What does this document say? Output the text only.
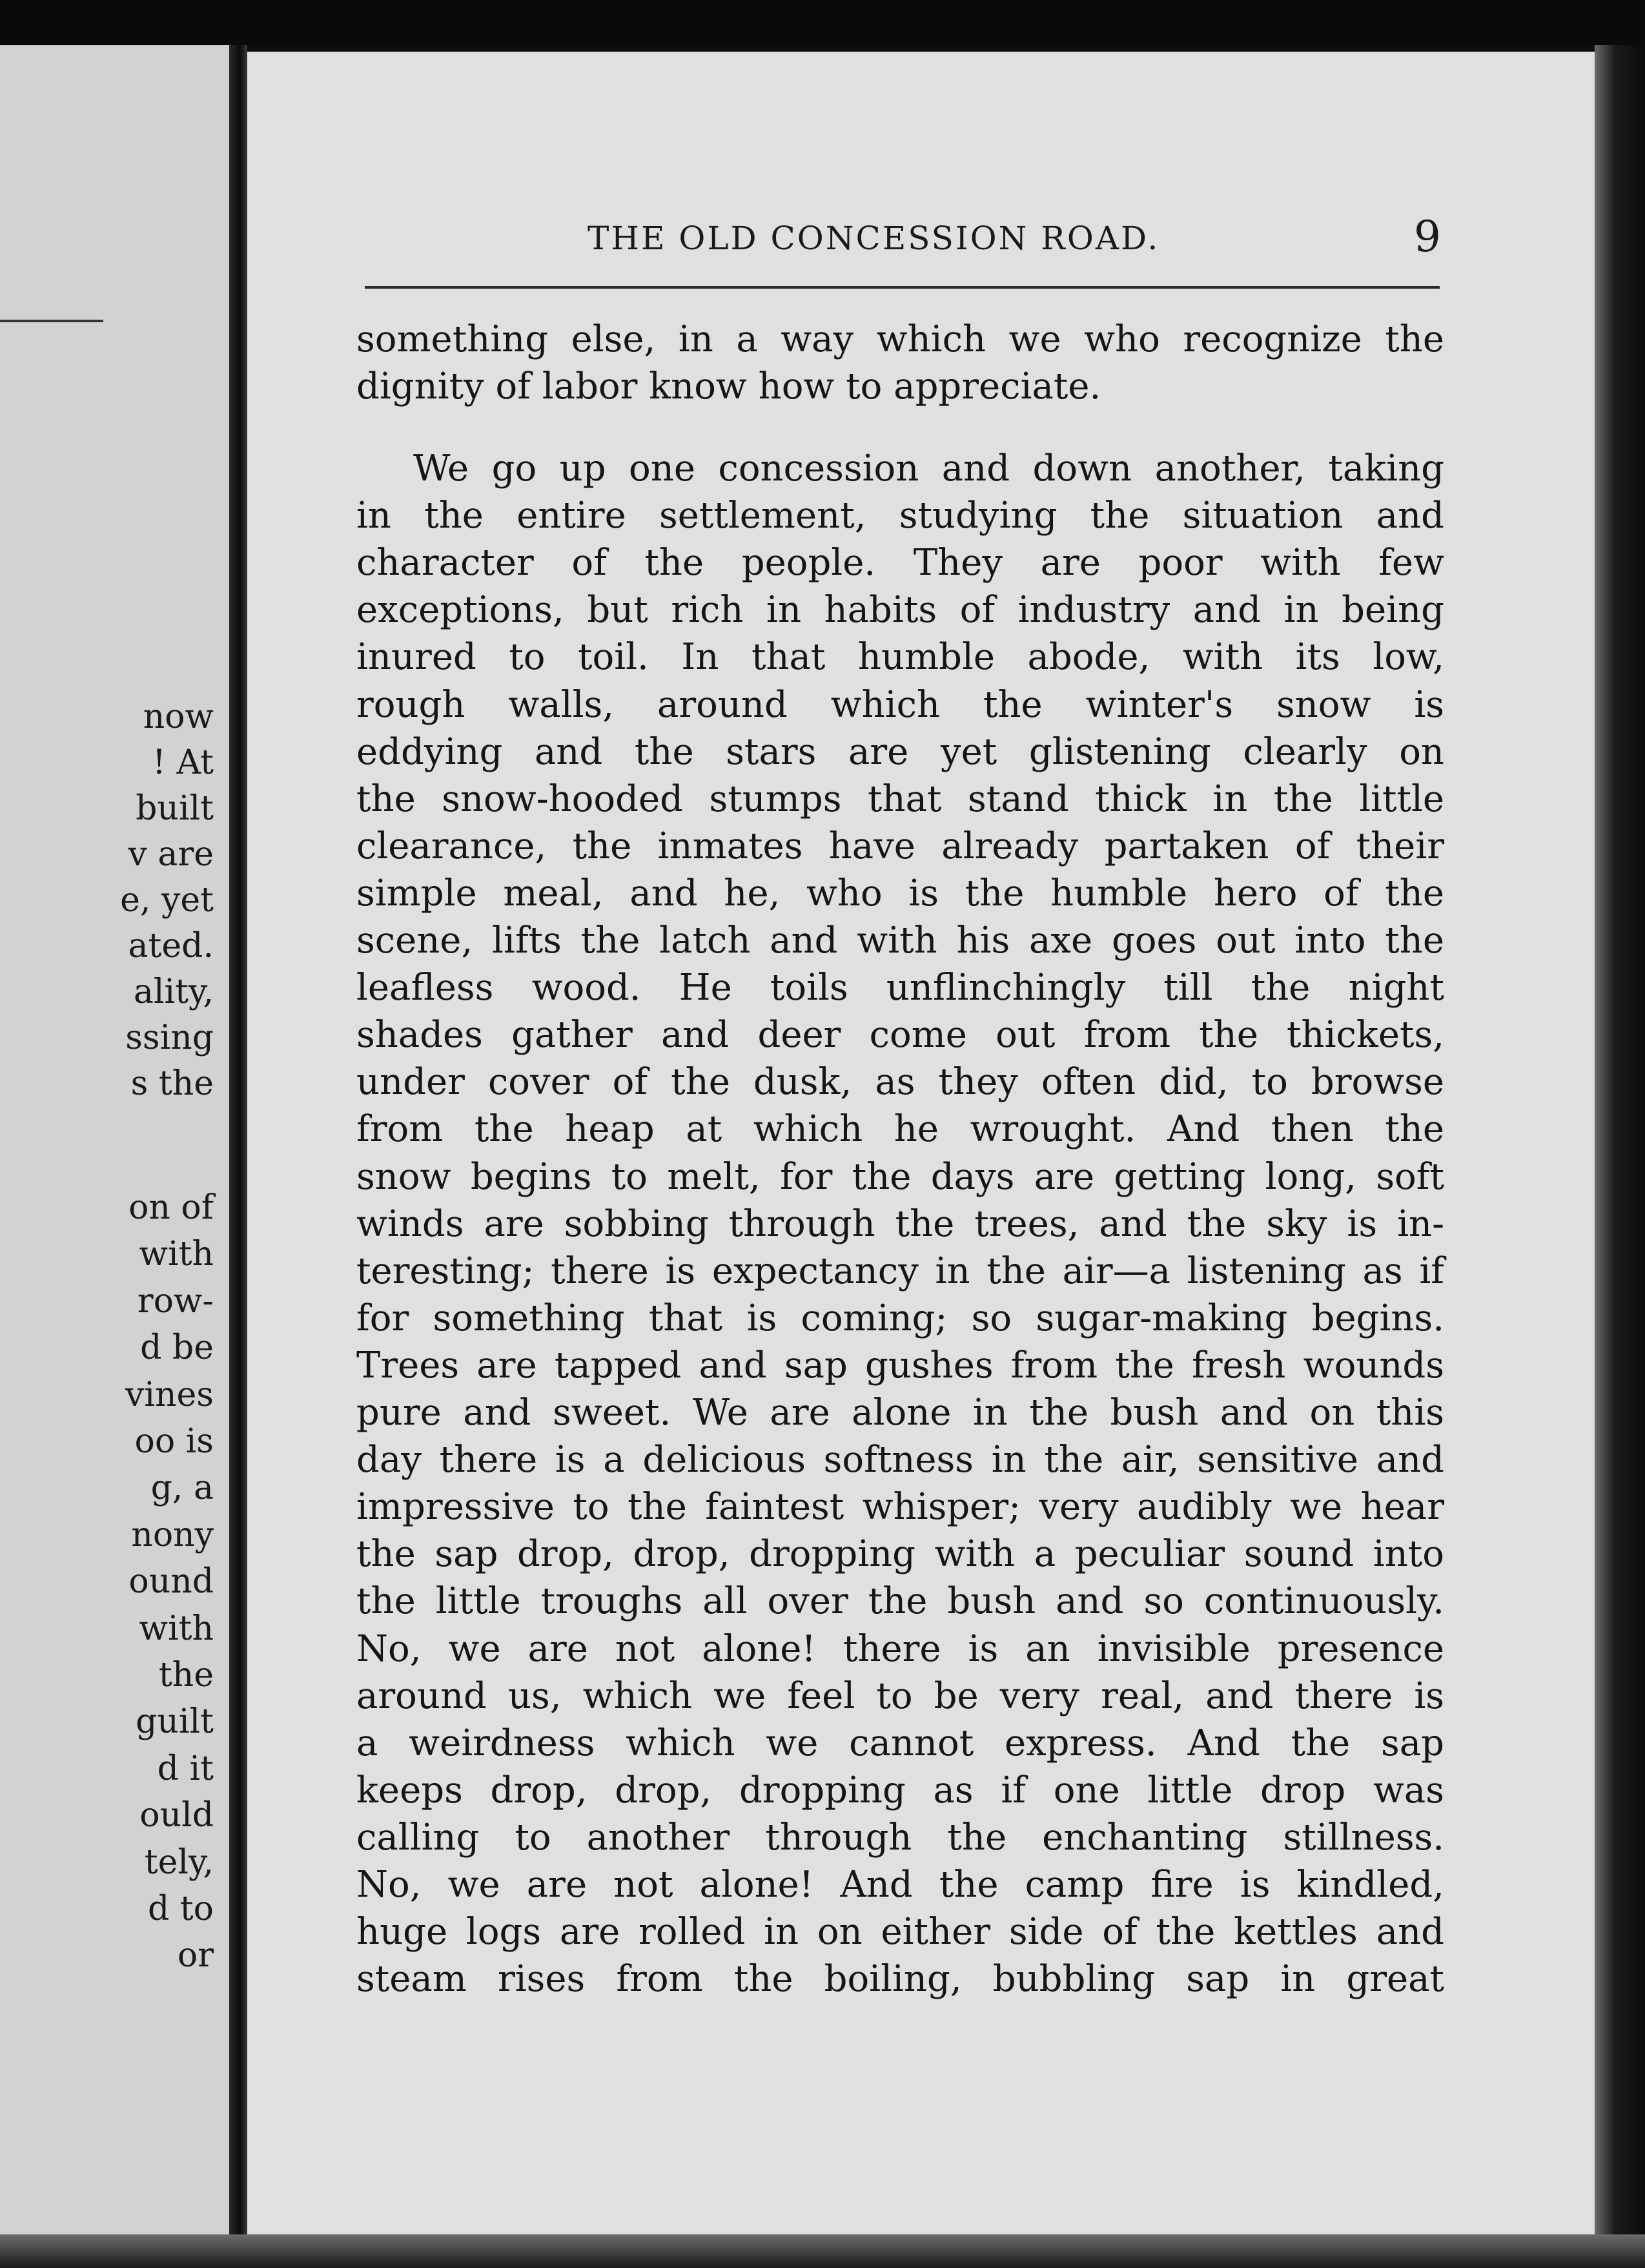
now
! At
built
v are
e, yet
ated.
ality,
ssing
s the
on of
with
row-
d be
vines
oo is
g, a
nony
ound
with
the
guilt
d it
ould
tely,
d to
or
THE OLD CONCESSION ROAD.	9
something else, in a way which we who recognize the
dignity of labor know how to appreciate.
We go up one concession and down another, taking
in the entire settlement, studying the situation and
character of the people. They are poor with few
exceptions, but rich in habits of industry and in being
inured to toil. In that humble abode, with its low,
rough walls, around which the winter's snow is
eddying and the stars are yet glistening clearly on
the snow-hooded stumps that stand thick in the little
clearance, the inmates have already partaken of their
simple meal, and he, who is the humble hero of the
scene, lifts the latch and with his axe goes out into the
leafless wood. He toils unflinchingly till the night
shades gather and deer come out from the thickets,
under cover of the dusk, as they often did, to browse
from the heap at which he wrought. And then the
snow begins to melt, for the days are getting long, soft
winds are sobbing through the trees, and the sky is in-
teresting; there is expectancy in the air—a listening as if
for something that is coming; so sugar-making begins.
Trees are tapped and sap gushes from the fresh wounds
pure and sweet. We are alone in the bush and on this
day there is a delicious softness in the air, sensitive and
impressive to the faintest whisper; very audibly we hear
the sap drop, drop, dropping with a peculiar sound into
the little troughs all over the bush and so continuously.
No, we are not alone! there is an invisible presence
around us, which we feel to be very real, and there is
a weirdness which we cannot express. And the sap
keeps drop, drop, dropping as if one little drop was
calling to another through the enchanting stillness.
No, we are not alone! And the camp fire is kindled,
huge logs are rolled in on either side of the kettles and
steam rises from the boiling, bubbling sap in great
